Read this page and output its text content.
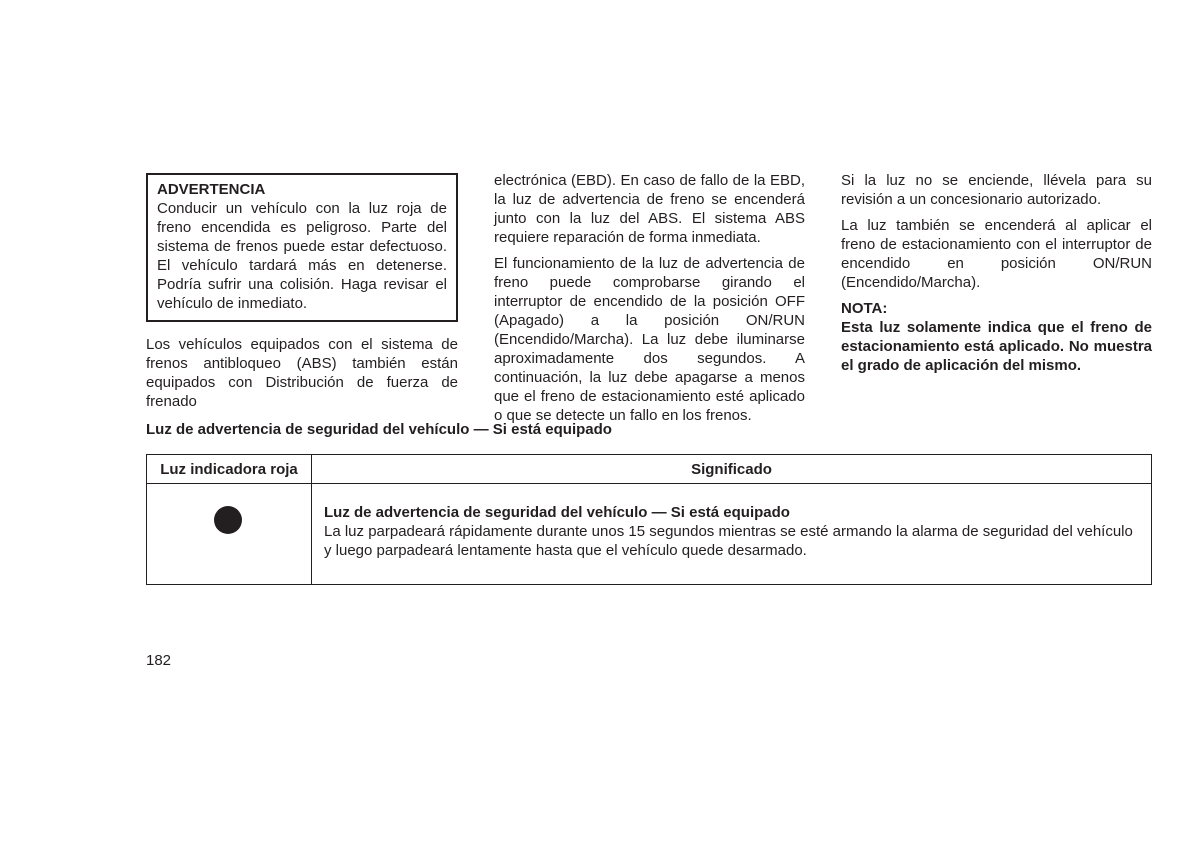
ADVERTENCIA

Conducir un vehículo con la luz roja de freno encendida es peligroso. Parte del sistema de frenos puede estar defectuoso. El vehículo tardará más en detenerse. Podría sufrir una colisión. Haga revisar el vehículo de inmediato.

Los vehículos equipados con el sistema de frenos antibloqueo (ABS) también están equipados con Distribución de fuerza de frenado

electrónica (EBD). En caso de fallo de la EBD, la luz de advertencia de freno se encenderá junto con la luz del ABS. El sistema ABS requiere reparación de forma inmediata.

El funcionamiento de la luz de advertencia de freno puede comprobarse girando el interruptor de encendido de la posición OFF (Apagado) a la posición ON/RUN (Encendido/Marcha). La luz debe iluminarse aproximadamente dos segundos. A continuación, la luz debe apagarse a menos que el freno de estacionamiento esté aplicado o que se detecte un fallo en los frenos.

Si la luz no se enciende, llévela para su revisión a un concesionario autorizado.

La luz también se encenderá al aplicar el freno de estacionamiento con el interruptor de encendido en posición ON/RUN (Encendido/Marcha).

NOTA:

Esta luz solamente indica que el freno de estacionamiento está aplicado. No muestra el grado de aplicación del mismo.

Luz de advertencia de seguridad del vehículo — Si está equipado

Luz indicadora roja	Significado

	Luz de advertencia de seguridad del vehículo — Si está equipado

La luz parpadeará rápidamente durante unos 15 segundos mientras se esté armando la alarma de seguridad del vehículo y luego parpadeará lentamente hasta que el vehículo quede desarmado.

182
